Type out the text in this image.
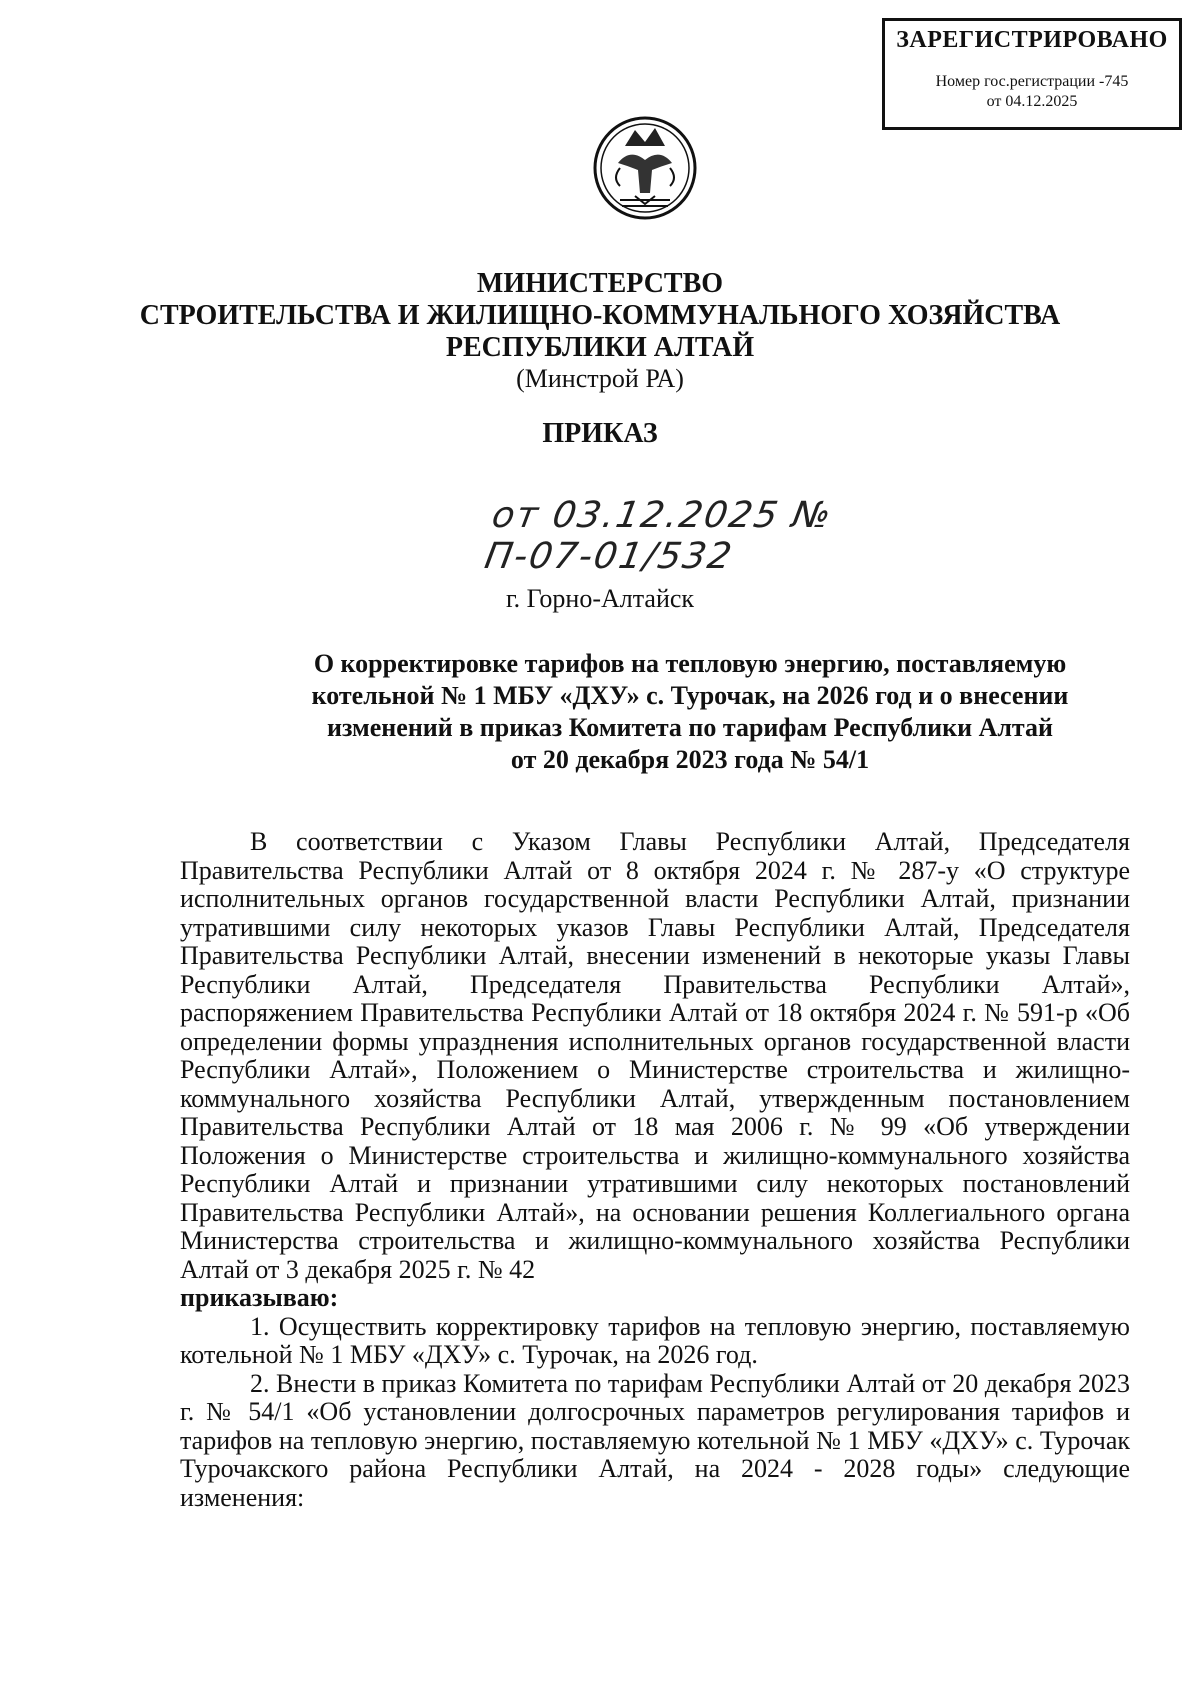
ЗАРЕГИСТРИРОВАНО
Номер гос.регистрации -745
от 04.12.2025
МИНИСТЕРСТВО
СТРОИТЕЛЬСТВА И ЖИЛИЩНО-КОММУНАЛЬНОГО ХОЗЯЙСТВА
РЕСПУБЛИКИ АЛТАЙ
(Минстрой РА)
ПРИКАЗ
от 03.12.2025 № П-07-01/532
г. Горно-Алтайск
О корректировке тарифов на тепловую энергию, поставляемую
котельной № 1 МБУ «ДХУ» с. Турочак, на 2026 год и о внесении
изменений в приказ Комитета по тарифам Республики Алтай
от 20 декабря 2023 года № 54/1

В соответствии с Указом Главы Республики Алтай, Председателя Правительства Республики Алтай от 8 октября 2024 г. № 287-у «О структуре исполнительных органов государственной власти Республики Алтай, признании утратившими силу некоторых указов Главы Республики Алтай, Председателя Правительства Республики Алтай, внесении изменений в некоторые указы Главы Республики Алтай, Председателя Правительства Республики Алтай», распоряжением Правительства Республики Алтай от 18 октября 2024 г. № 591-р «Об определении формы упразднения исполнительных органов государственной власти Республики Алтай», Положением о Министерстве строительства и жилищно-коммунального хозяйства Республики Алтай, утвержденным постановлением Правительства Республики Алтай от 18 мая 2006 г. № 99 «Об утверждении Положения о Министерстве строительства и жилищно-коммунального хозяйства Республики Алтай и признании утратившими силу некоторых постановлений Правительства Республики Алтай», на основании решения Коллегиального органа Министерства строительства и жилищно-коммунального хозяйства Республики Алтай от 3 декабря 2025 г. № 42

приказываю:

1. Осуществить корректировку тарифов на тепловую энергию, поставляемую котельной № 1 МБУ «ДХУ» с. Турочак, на 2026 год.

2. Внести в приказ Комитета по тарифам Республики Алтай от 20 декабря 2023 г. № 54/1 «Об установлении долгосрочных параметров регулирования тарифов и тарифов на тепловую энергию, поставляемую котельной № 1 МБУ «ДХУ» с. Турочак Турочакского района Республики Алтай, на 2024 - 2028 годы» следующие изменения:
